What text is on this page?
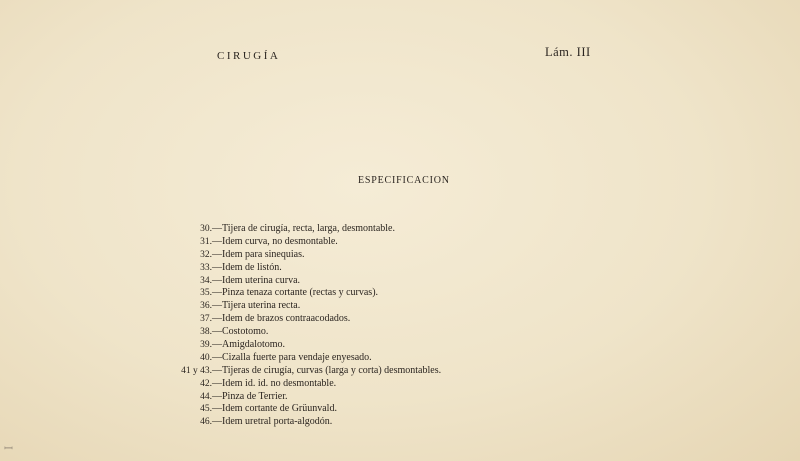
CIRUGÍA	Lám. III
ESPECIFICACION
30.—Tijera de cirugía, recta, larga, desmontable.
31.—Idem curva, no desmontable.
32.—Idem para sinequias.
33.—Idem de listón.
34.—Idem uterina curva.
35.—Pinza tenaza cortante (rectas y curvas).
36.—Tijera uterina recta.
37.—Idem de brazos contraacodados.
38.—Costotomo.
39.—Amigdalotomo.
40.—Cizalla fuerte para vendaje enyesado.
41 y 43.—Tijeras de cirugía, curvas (larga y corta) desmontables.
42.—Idem id. id. no desmontable.
44.—Pinza de Terrier.
45.—Idem cortante de Grüunvald.
46.—Idem uretral porta-algodón.
ꟷ
